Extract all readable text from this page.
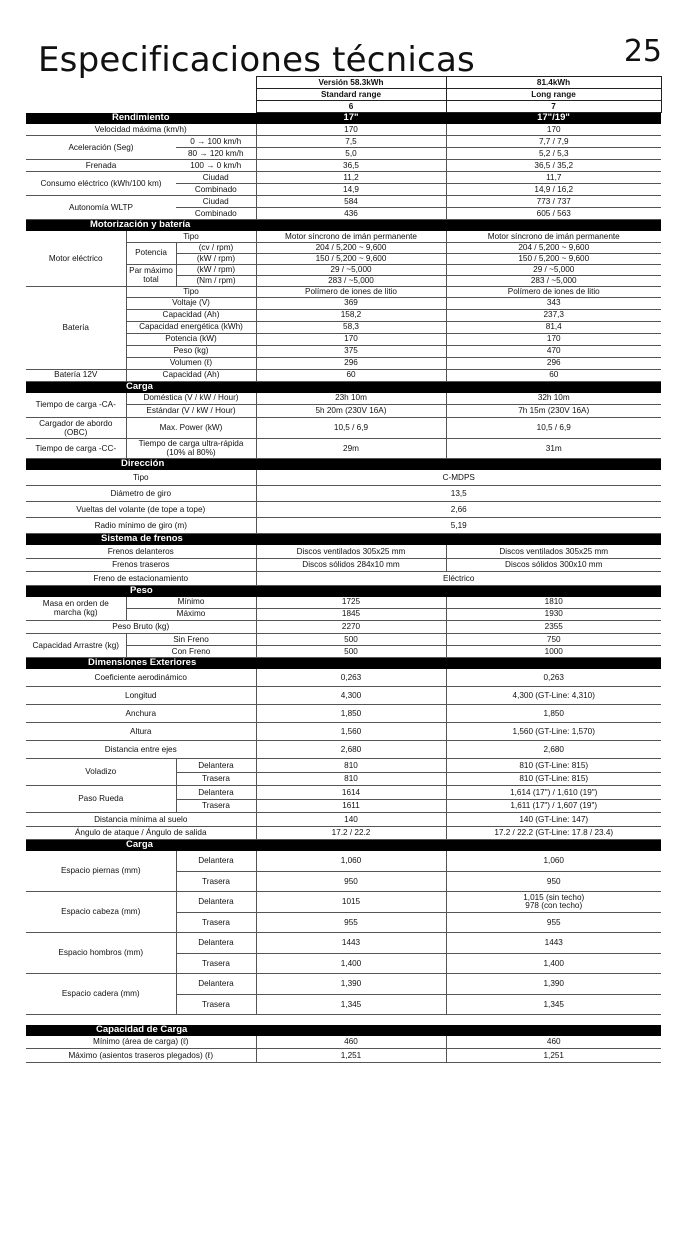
Especificaciones técnicas	25
			Versión 58.3kWh	81.4kWh
			Standard range	Long range
			6	7
Rendimiento			17"	17"/19"
Velocidad máxima (km/h)			170	170
Aceleración (Seg)		0 → 100 km/h	7,5	7,7 / 7,9
		80 → 120 km/h	5,0	5,2 / 5,3
Frenada		100 → 0 km/h	36,5	36,5 / 35,2
Consumo eléctrico (kWh/100 km)		Ciudad	11,2	11,7
		Combinado	14,9	14,9 / 16,2
Autonomía WLTP		Ciudad	584	773 / 737
		Combinado	436	605 / 563
Motorización y batería				
Motor eléctrico	Tipo		Motor síncrono de imán permanente	Motor síncrono de imán permanente
	Potencia	(cv / rpm)	204 / 5,200 ~ 9,600	204 / 5,200 ~ 9,600
		(kW / rpm)	150 / 5,200 ~ 9,600	150 / 5,200 ~ 9,600
	Par máximo total	(kW / rpm)	29 / ~5,000	29 / ~5,000
		(Nm / rpm)	283 / ~5,000	283 / ~5,000
Batería	Tipo		Polímero de iones de litio	Polímero de iones de litio
	Voltaje (V)		369	343
	Capacidad (Ah)		158,2	237,3
	Capacidad energética (kWh)		58,3	81,4
	Potencia (kW)		170	170
	Peso (kg)		375	470
	Volumen (ℓ)		296	296
Batería 12V	Capacidad (Ah)		60	60
Carga				
Tiempo de carga -CA-	Doméstica (V / kW / Hour)		23h 10m	32h 10m
	Estándar (V / kW / Hour)		5h 20m (230V 16A)	7h 15m (230V 16A)
Cargador de abordo (OBC)	Max. Power (kW)		10,5 / 6,9	10,5 / 6,9
Tiempo de carga -CC-	Tiempo de carga ultra-rápida (10% al 80%)		29m	31m
Dirección				
Tipo			C-MDPS	
Diámetro de giro			13,5	
Vueltas del volante (de tope a tope)			2,66	
Radio mínimo de giro (m)			5,19	
Sistema de frenos				
Frenos delanteros			Discos ventilados 305x25 mm	Discos ventilados 305x25 mm
Frenos traseros			Discos sólidos 284x10 mm	Discos sólidos 300x10 mm
Freno de estacionamiento			Eléctrico	
Peso				
Masa en orden de marcha (kg)	Mínimo		1725	1810
	Máximo		1845	1930
Peso Bruto (kg)			2270	2355
Capacidad Arrastre (kg)	Sin Freno		500	750
	Con Freno		500	1000
Dimensiones Exteriores				
Coeficiente aerodinámico			0,263	0,263
Longitud			4,300	4,300 (GT-Line: 4,310)
Anchura			1,850	1,850
Altura			1,560	1,560 (GT-Line: 1,570)
Distancia entre ejes			2,680	2,680
Voladizo		Delantera	810	810 (GT-Line: 815)
		Trasera	810	810 (GT-Line: 815)
Paso Rueda		Delantera	1614	1,614 (17") / 1,610 (19")
		Trasera	1611	1,611 (17") / 1,607 (19")
Distancia mínima al suelo			140	140 (GT-Line: 147)
Ángulo de ataque / Ángulo de salida			17.2 / 22.2	17.2 / 22.2 (GT-Line: 17.8 / 23.4)
Carga				
Espacio piernas (mm)		Delantera	1,060	1,060
		Trasera	950	950
Espacio cabeza (mm)		Delantera	1015	1,015 (sin techo)
978 (con techo)

		Trasera	955	955
Espacio hombros (mm)		Delantera	1443	1443
		Trasera	1,400	1,400
Espacio cadera (mm)		Delantera	1,390	1,390
		Trasera	1,345	1,345

Capacidad de Carga				
Mínimo (área de carga) (ℓ)			460	460
Máximo (asientos traseros plegados) (ℓ)			1,251	1,251
